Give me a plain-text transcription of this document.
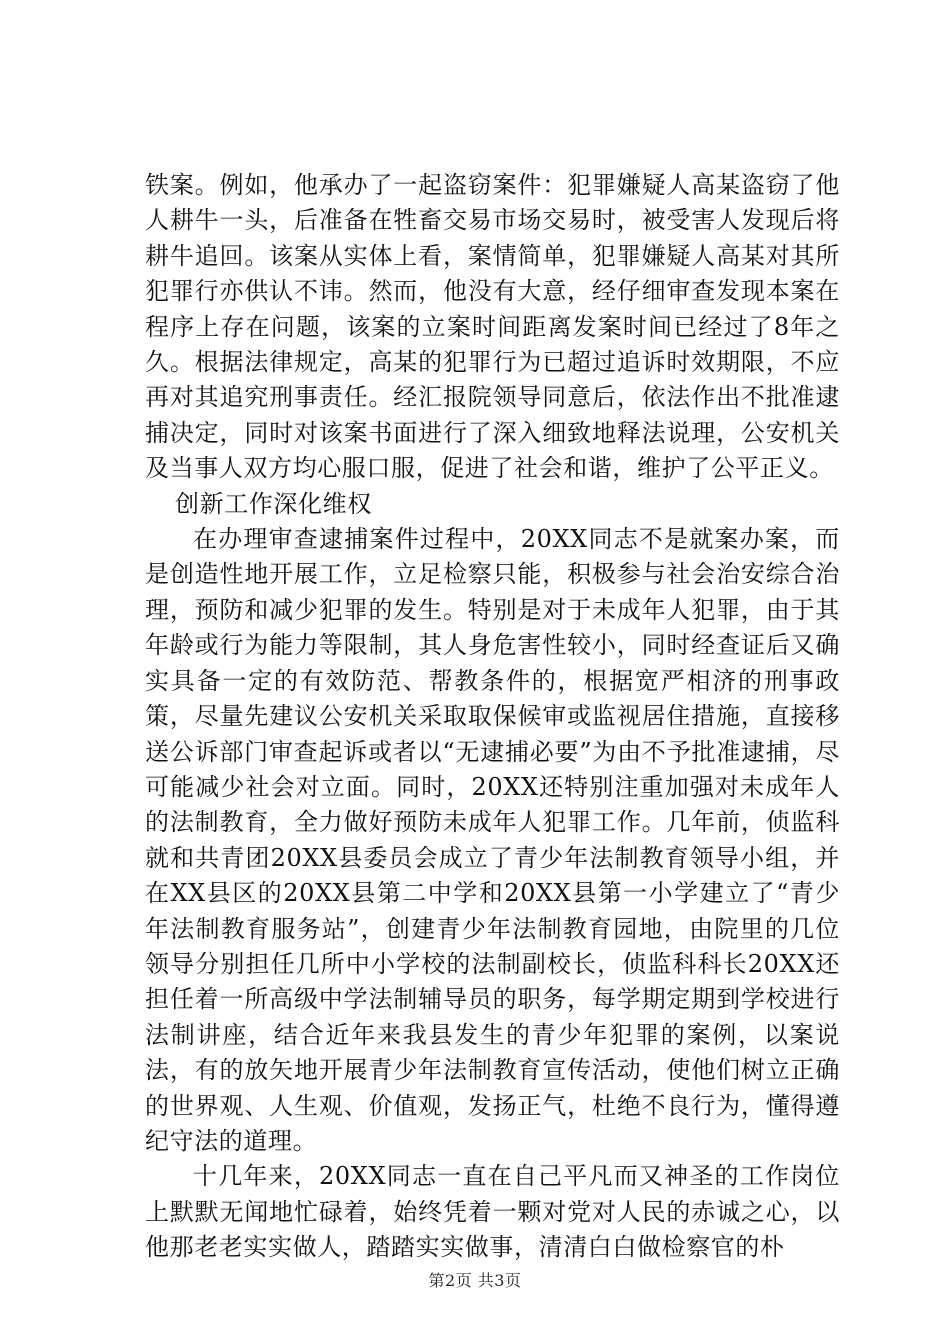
铁案。例如，他承办了一起盗窃案件：犯罪嫌疑人高某盗窃了他人耕牛一头，后准备在牲畜交易市场交易时，被受害人发现后将耕牛追回。该案从实体上看，案情简单，犯罪嫌疑人高某对其所犯罪行亦供认不讳。然而，他没有大意，经仔细审查发现本案在程序上存在问题，该案的立案时间距离发案时间已经过了8年之久。根据法律规定，高某的犯罪行为已超过追诉时效期限，不应再对其追究刑事责任。经汇报院领导同意后，依法作出不批准逮捕决定，同时对该案书面进行了深入细致地释法说理，公安机关及当事人双方均心服口服，促进了社会和谐，维护了公平正义。

创新工作深化维权

在办理审查逮捕案件过程中，20XX同志不是就案办案，而是创造性地开展工作，立足检察只能，积极参与社会治安综合治理，预防和减少犯罪的发生。特别是对于未成年人犯罪，由于其年龄或行为能力等限制，其人身危害性较小，同时经查证后又确实具备一定的有效防范、帮教条件的，根据宽严相济的刑事政策，尽量先建议公安机关采取取保候审或监视居住措施，直接移送公诉部门审查起诉或者以“无逮捕必要”为由不予批准逮捕，尽可能减少社会对立面。同时，20XX还特别注重加强对未成年人的法制教育，全力做好预防未成年人犯罪工作。几年前，侦监科就和共青团20XX县委员会成立了青少年法制教育领导小组，并在XX县区的20XX县第二中学和20XX县第一小学建立了“青少年法制教育服务站”，创建青少年法制教育园地，由院里的几位领导分别担任几所中小学校的法制副校长，侦监科科长20XX还担任着一所高级中学法制辅导员的职务，每学期定期到学校进行法制讲座，结合近年来我县发生的青少年犯罪的案例，以案说法，有的放矢地开展青少年法制教育宣传活动，使他们树立正确的世界观、人生观、价值观，发扬正气，杜绝不良行为，懂得遵纪守法的道理。

十几年来，20XX同志一直在自己平凡而又神圣的工作岗位上默默无闻地忙碌着，始终凭着一颗对党对人民的赤诚之心，以他那老老实实做人，踏踏实实做事，清清白白做检察官的朴

第2页 共3页
